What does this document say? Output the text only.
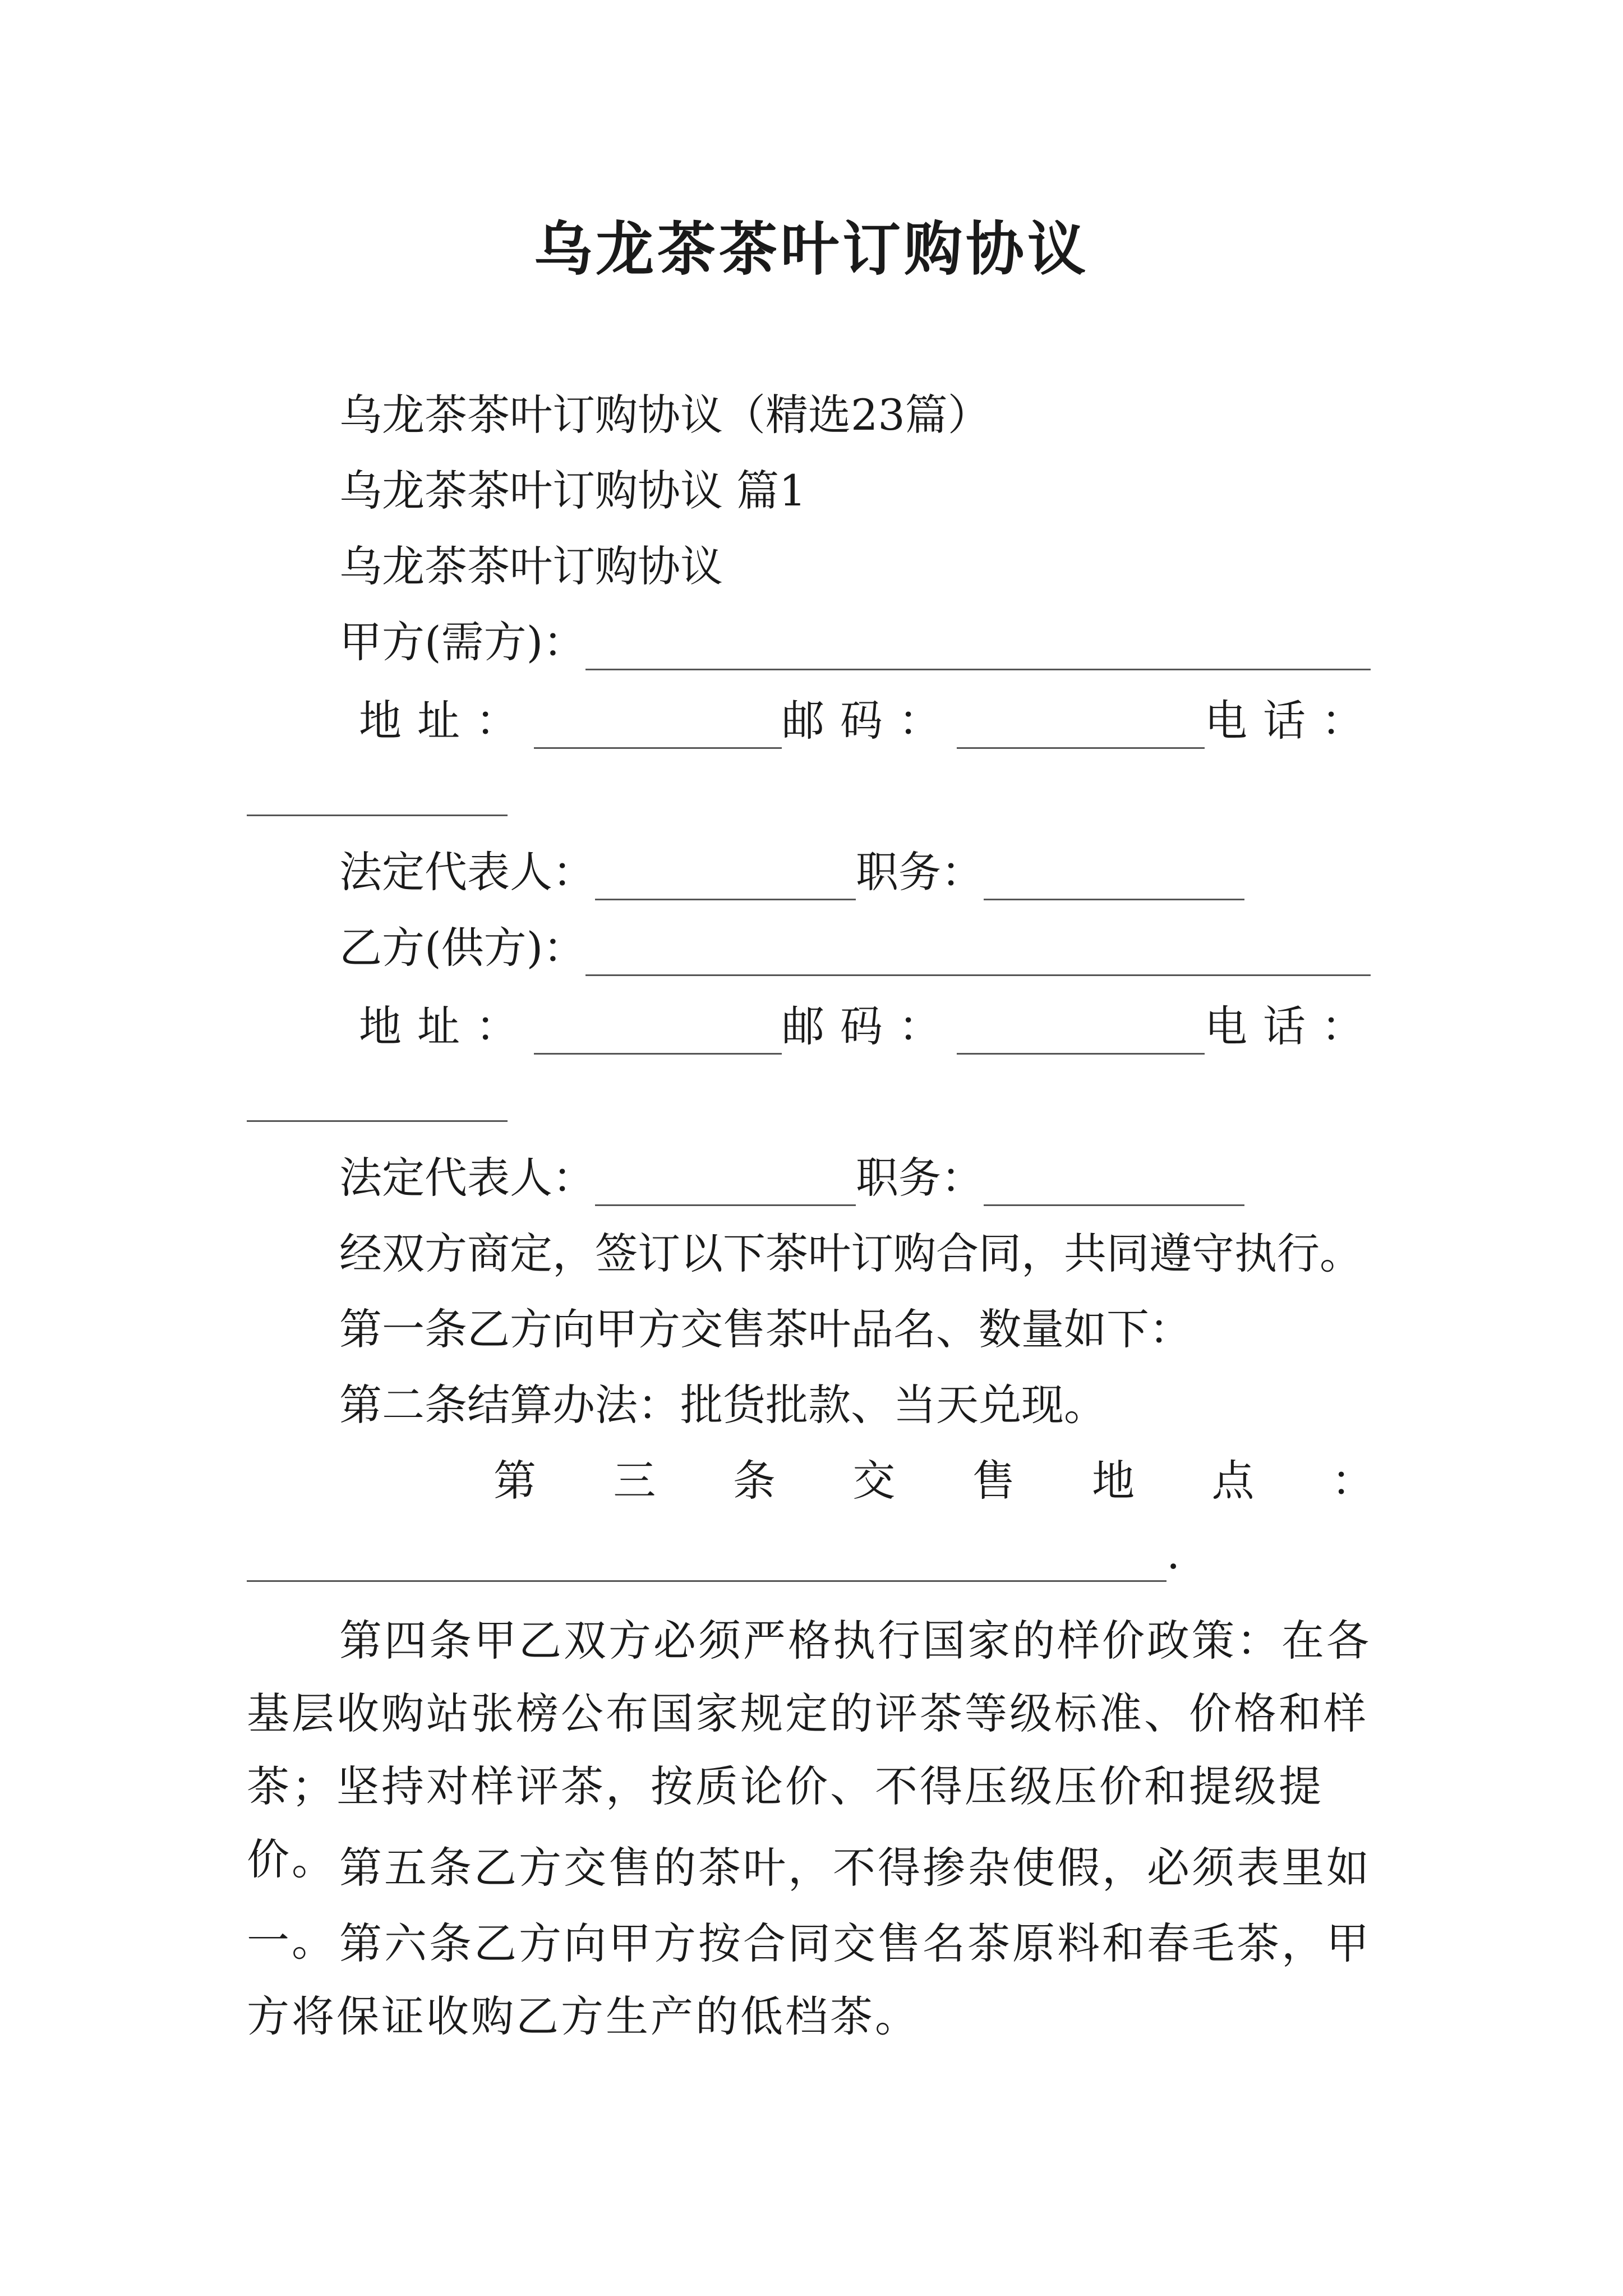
乌龙茶茶叶订购协议
乌龙茶茶叶订购协议（精选23篇）
乌龙茶茶叶订购协议 篇1
乌龙茶茶叶订购协议
甲方(需方)：
地址：	邮码：	电话：
法定代表人：	职务：
乙方(供方)：
地址：	邮码：	电话：
法定代表人：	职务：
经双方商定，签订以下茶叶订购合同，共同遵守执行。
第一条乙方向甲方交售茶叶品名、数量如下：
第二条结算办法：批货批款、当天兑现。
第 三 条 交 售 地 点 ：
.
第四条甲乙双方必须严格执行国家的样价政策：在各基层收购站张榜公布国家规定的评茶等级标准、价格和样茶；坚持对样评茶，按质论价、不得压级压价和提级提价。 第五条乙方交售的茶叶，不得掺杂使假，必须表里如一。 第六条乙方向甲方按合同交售名茶原料和春毛茶，甲方将保证收购乙方生产的低档茶。
